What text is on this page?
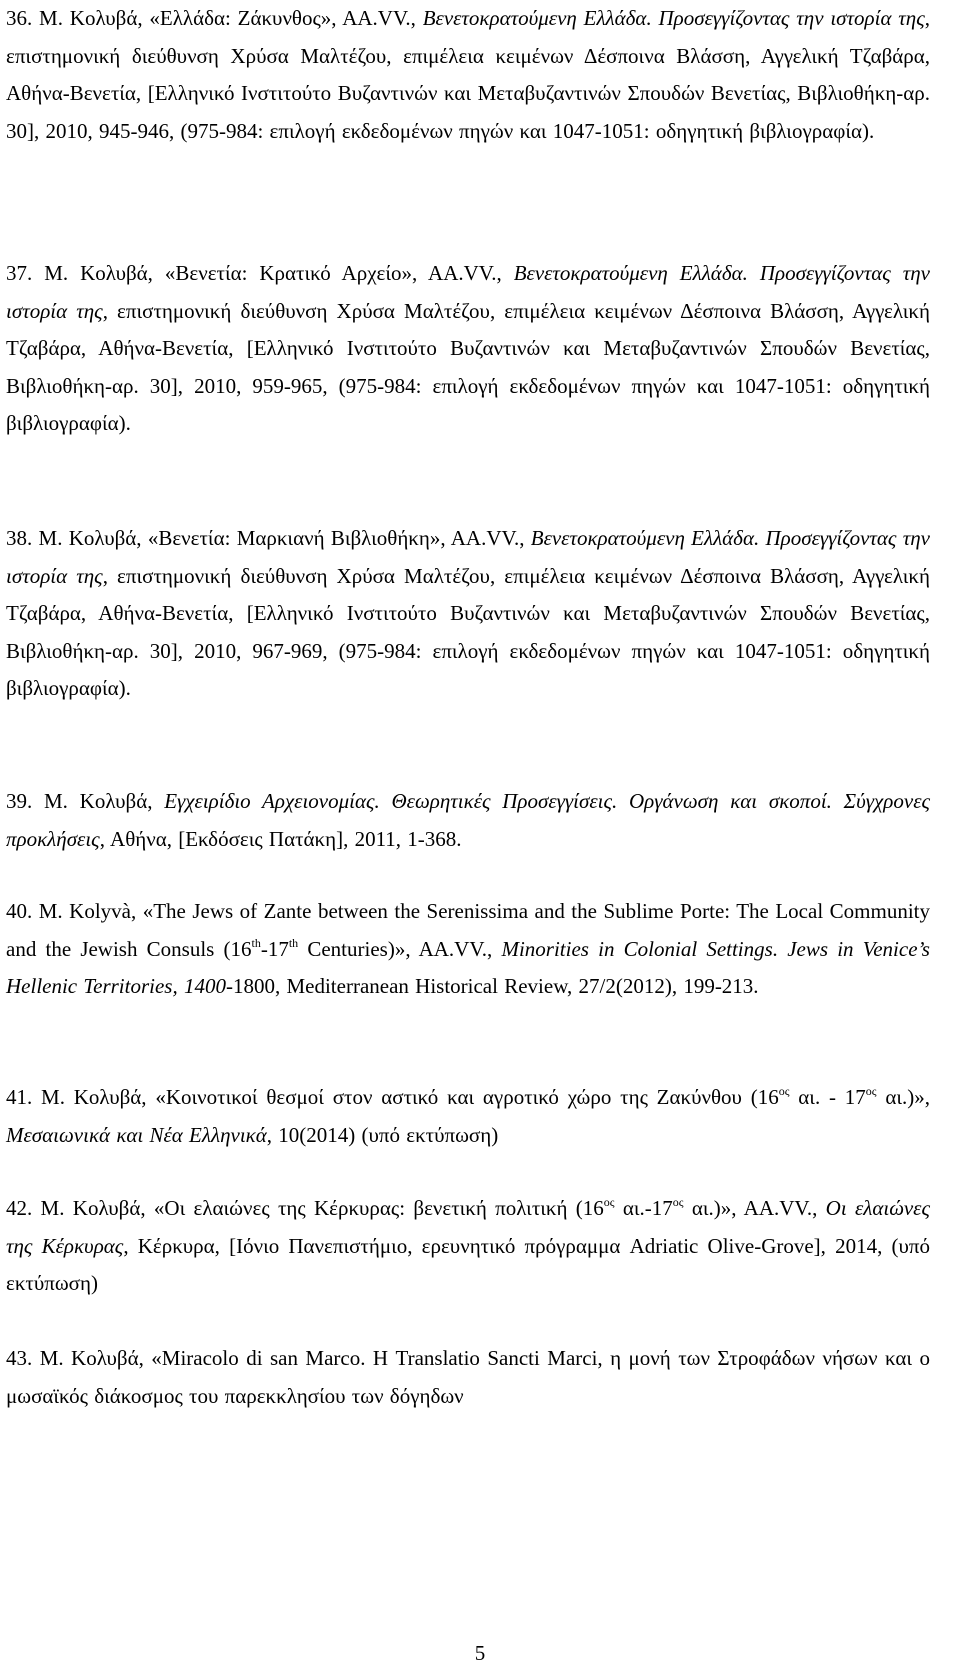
36. Μ. Κολυβά, «Ελλάδα: Ζάκυνθος», ΑΑ.VV., Βενετοκρατούμενη Ελλάδα. Προσεγγίζοντας την ιστορία της, επιστημονική διεύθυνση Χρύσα Μαλτέζου, επιμέλεια κειμένων Δέσποινα Βλάσση, Αγγελική Τζαβάρα, Αθήνα-Βενετία, [Ελληνικό Ινστιτούτο Βυζαντινών και Μεταβυζαντινών Σπουδών Βενετίας, Βιβλιοθήκη-αρ. 30], 2010, 945-946, (975-984: επιλογή εκδεδομένων πηγών και 1047-1051: οδηγητική βιβλιογραφία).
37. Μ. Κολυβά, «Βενετία: Κρατικό Αρχείο», ΑΑ.VV., Βενετοκρατούμενη Ελλάδα. Προσεγγίζοντας την ιστορία της, επιστημονική διεύθυνση Χρύσα Μαλτέζου, επιμέλεια κειμένων Δέσποινα Βλάσση, Αγγελική Τζαβάρα, Αθήνα-Βενετία, [Ελληνικό Ινστιτούτο Βυζαντινών και Μεταβυζαντινών Σπουδών Βενετίας, Βιβλιοθήκη-αρ. 30], 2010, 959-965, (975-984: επιλογή εκδεδομένων πηγών και 1047-1051: οδηγητική βιβλιογραφία).
38. Μ. Κολυβά, «Βενετία: Μαρκιανή Βιβλιοθήκη», ΑΑ.VV., Βενετοκρατούμενη Ελλάδα. Προσεγγίζοντας την ιστορία της, επιστημονική διεύθυνση Χρύσα Μαλτέζου, επιμέλεια κειμένων Δέσποινα Βλάσση, Αγγελική Τζαβάρα, Αθήνα-Βενετία, [Ελληνικό Ινστιτούτο Βυζαντινών και Μεταβυζαντινών Σπουδών Βενετίας, Βιβλιοθήκη-αρ. 30], 2010, 967-969, (975-984: επιλογή εκδεδομένων πηγών και 1047-1051: οδηγητική βιβλιογραφία).
39. Μ. Κολυβά, Εγχειρίδιο Αρχειονομίας. Θεωρητικές Προσεγγίσεις. Οργάνωση και σκοποί. Σύγχρονες προκλήσεις, Αθήνα, [Εκδόσεις Πατάκη], 2011, 1-368.
40. M. Kolyvà, «The Jews of Zante between the Serenissima and the Sublime Porte: The Local Community and the Jewish Consuls (16th-17th Centuries)», AA.VV., Minorities in Colonial Settings. Jews in Venice’s Hellenic Territories, 1400-1800, Mediterranean Historical Review, 27/2(2012), 199-213.
41. Μ. Κολυβά, «Κοινοτικοί θεσμοί στον αστικό και αγροτικό χώρο της Ζακύνθου ($16^{o\varsigma}$ αι. - $17^{o\varsigma}$ αι.)», Μεσαιωνικά και Νέα Ελληνικά, 10(2014) (υπό εκτύπωση)
42. Μ. Κολυβά, «Οι ελαιώνες της Κέρκυρας: βενετική πολιτική ($16^{o\varsigma}$ $\alpha\iota.-17^{o\varsigma}$ αι.)», ΑΑ.VV., Οι ελαιώνες της Κέρκυρας, Κέρκυρα, [Ιόνιο Πανεπιστήμιο, ερευνητικό πρόγραμμα Adriatic Olive-Grove], 2014, (υπό εκτύπωση)
43. Μ. Κολυβά, «Miracolo di san Marco. Η Translatio Sancti Marci, η μονή των Στροφάδων νήσων και ο μωσαϊκός διάκοσμος του παρεκκλησίου των δόγηδων
5
